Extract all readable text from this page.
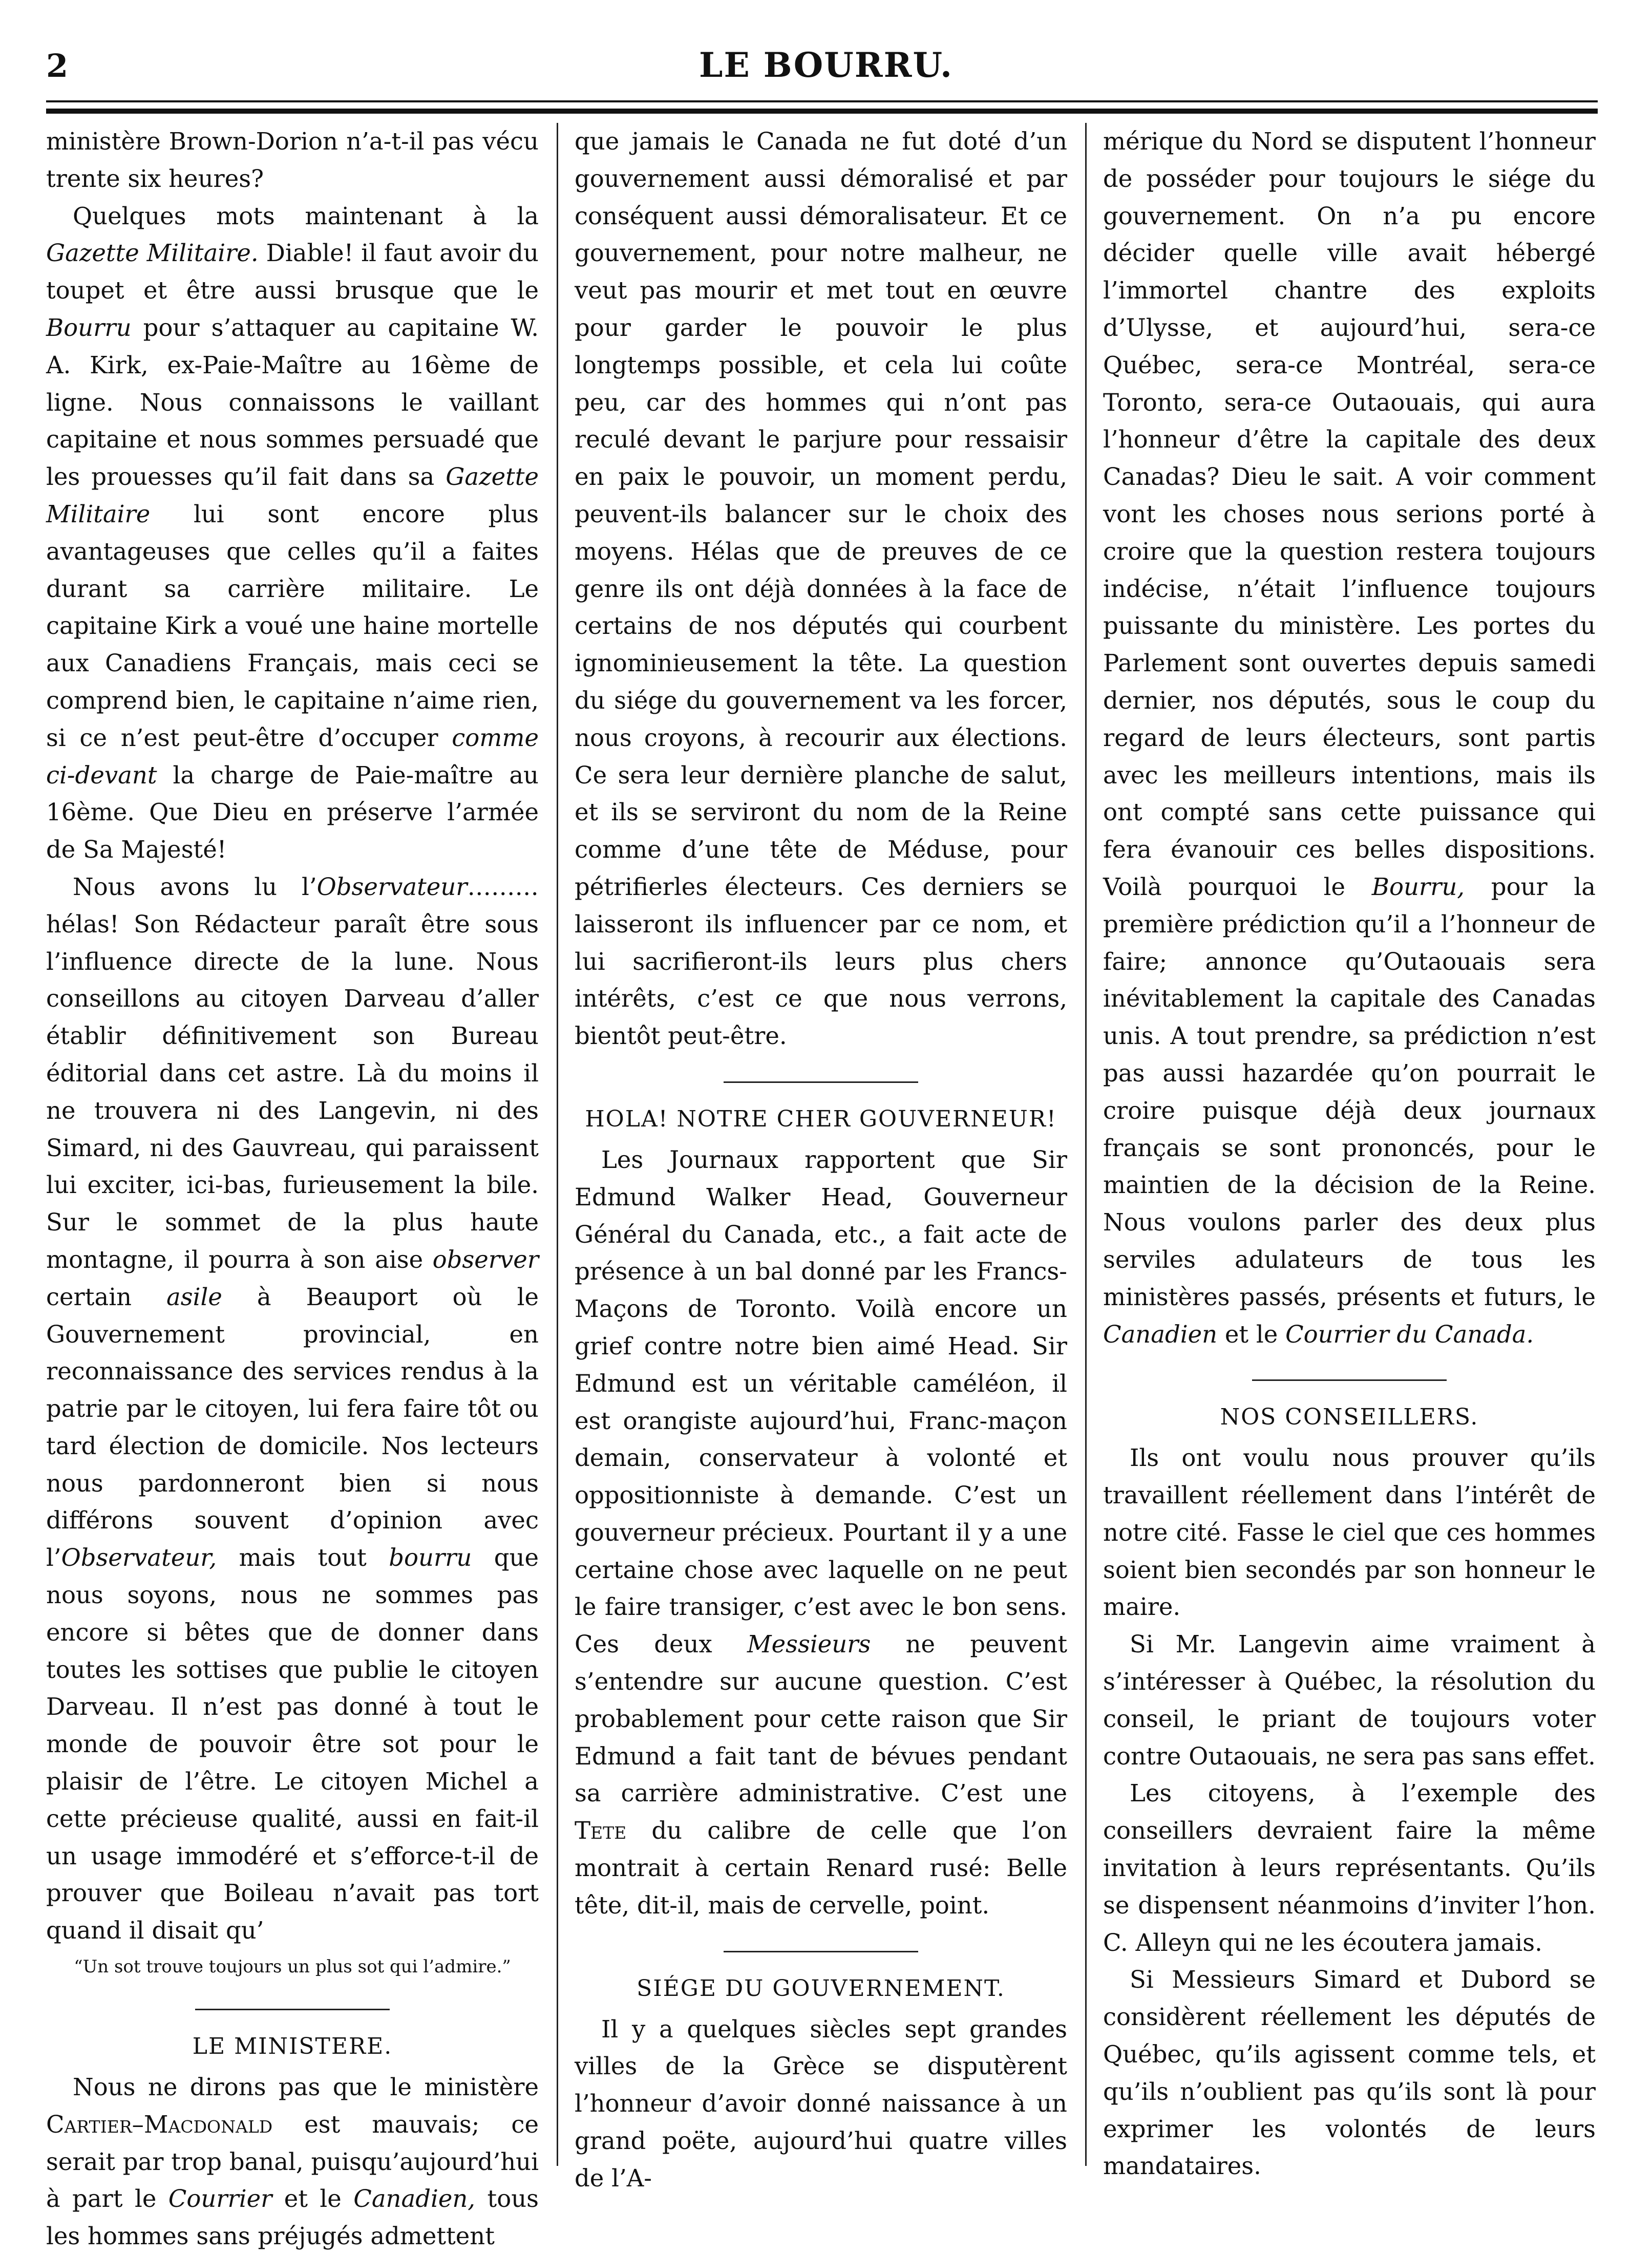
2	LE BOURRU.

ministère Brown-Dorion n’a-t-il pas vécu trente six heures?

Quelques mots maintenant à la Gazette Militaire. Diable! il faut avoir du toupet et être aussi brusque que le Bourru pour s’attaquer au capitaine W. A. Kirk, ex-Paie-Maître au 16ème de ligne. Nous connaissons le vaillant capitaine et nous sommes persuadé que les prouesses qu’il fait dans sa Gazette Militaire lui sont encore plus avantageuses que celles qu’il a faites durant sa carrière militaire. Le capitaine Kirk a voué une haine mortelle aux Canadiens Français, mais ceci se comprend bien, le capitaine n’aime rien, si ce n’est peut-être d’occuper comme ci-devant la charge de Paie-maître au 16ème. Que Dieu en préserve l’armée de Sa Majesté!

Nous avons lu l’Observateur……… hélas! Son Rédacteur paraît être sous l’influence directe de la lune. Nous conseillons au citoyen Darveau d’aller établir définitivement son Bureau éditorial dans cet astre. Là du moins il ne trouvera ni des Langevin, ni des Simard, ni des Gauvreau, qui paraissent lui exciter, ici-bas, furieusement la bile. Sur le sommet de la plus haute montagne, il pourra à son aise observer certain asile à Beauport où le Gouvernement provincial, en reconnaissance des services rendus à la patrie par le citoyen, lui fera faire tôt ou tard élection de domicile. Nos lecteurs nous pardonneront bien si nous différons souvent d’opinion avec l’Observateur, mais tout bourru que nous soyons, nous ne sommes pas encore si bêtes que de donner dans toutes les sottises que publie le citoyen Darveau. Il n’est pas donné à tout le monde de pouvoir être sot pour le plaisir de l’être. Le citoyen Michel a cette précieuse qualité, aussi en fait-il un usage immodéré et s’efforce-t-il de prouver que Boileau n’avait pas tort quand il disait qu’

“Un sot trouve toujours un plus sot qui l’admire.”
LE MINISTERE.

Nous ne dirons pas que le ministère Cartier–Macdonald est mauvais; ce serait par trop banal, puisqu’aujourd’hui à part le Courrier et le Canadien, tous les hommes sans préjugés admettent

que jamais le Canada ne fut doté d’un gouvernement aussi démoralisé et par conséquent aussi démoralisateur. Et ce gouvernement, pour notre malheur, ne veut pas mourir et met tout en œuvre pour garder le pouvoir le plus longtemps possible, et cela lui coûte peu, car des hommes qui n’ont pas reculé devant le parjure pour ressaisir en paix le pouvoir, un moment perdu, peuvent-ils balancer sur le choix des moyens. Hélas que de preuves de ce genre ils ont déjà données à la face de certains de nos députés qui courbent ignominieusement la tête. La question du siége du gouvernement va les forcer, nous croyons, à recourir aux élections. Ce sera leur dernière planche de salut, et ils se serviront du nom de la Reine comme d’une tête de Méduse, pour pétrifierles électeurs. Ces derniers se laisseront ils influencer par ce nom, et lui sacrifieront-ils leurs plus chers intérêts, c’est ce que nous verrons, bientôt peut-être.

HOLA! NOTRE CHER GOUVERNEUR!

Les Journaux rapportent que Sir Edmund Walker Head, Gouverneur Général du Canada, etc., a fait acte de présence à un bal donné par les Francs-Maçons de Toronto. Voilà encore un grief contre notre bien aimé Head. Sir Edmund est un véritable caméléon, il est orangiste aujourd’hui, Franc-maçon demain, conservateur à volonté et oppositionniste à demande. C’est un gouverneur précieux. Pourtant il y a une certaine chose avec laquelle on ne peut le faire transiger, c’est avec le bon sens. Ces deux Messieurs ne peuvent s’entendre sur aucune question. C’est probablement pour cette raison que Sir Edmund a fait tant de bévues pendant sa carrière administrative. C’est une Tete du calibre de celle que l’on montrait à certain Renard rusé: Belle tête, dit-il, mais de cervelle, point.

SIÉGE DU GOUVERNEMENT.

Il y a quelques siècles sept grandes villes de la Grèce se disputèrent l’honneur d’avoir donné naissance à un grand poëte, aujourd’hui quatre villes de l’A-

mérique du Nord se disputent l’honneur de posséder pour toujours le siége du gouvernement. On n’a pu encore décider quelle ville avait hébergé l’immortel chantre des exploits d’Ulysse, et aujourd’hui, sera-ce Québec, sera-ce Montréal, sera-ce Toronto, sera-ce Outaouais, qui aura l’honneur d’être la capitale des deux Canadas? Dieu le sait. A voir comment vont les choses nous serions porté à croire que la question restera toujours indécise, n’était l’influence toujours puissante du ministère. Les portes du Parlement sont ouvertes depuis samedi dernier, nos députés, sous le coup du regard de leurs électeurs, sont partis avec les meilleurs intentions, mais ils ont compté sans cette puissance qui fera évanouir ces belles dispositions. Voilà pourquoi le Bourru, pour la première prédiction qu’il a l’honneur de faire; annonce qu’Outaouais sera inévitablement la capitale des Canadas unis. A tout prendre, sa prédiction n’est pas aussi hazardée qu’on pourrait le croire puisque déjà deux journaux français se sont prononcés, pour le maintien de la décision de la Reine. Nous voulons parler des deux plus serviles adulateurs de tous les ministères passés, présents et futurs, le Canadien et le Courrier du Canada.

NOS CONSEILLERS.

Ils ont voulu nous prouver qu’ils travaillent réellement dans l’intérêt de notre cité. Fasse le ciel que ces hommes soient bien secondés par son honneur le maire.

Si Mr. Langevin aime vraiment à s’intéresser à Québec, la résolution du conseil, le priant de toujours voter contre Outaouais, ne sera pas sans effet.

Les citoyens, à l’exemple des conseillers devraient faire la même invitation à leurs représentants. Qu’ils se dispensent néanmoins d’inviter l’hon. C. Alleyn qui ne les écoutera jamais.

Si Messieurs Simard et Dubord se considèrent réellement les députés de Québec, qu’ils agissent comme tels, et qu’ils n’oublient pas qu’ils sont là pour exprimer les volontés de leurs mandataires.
